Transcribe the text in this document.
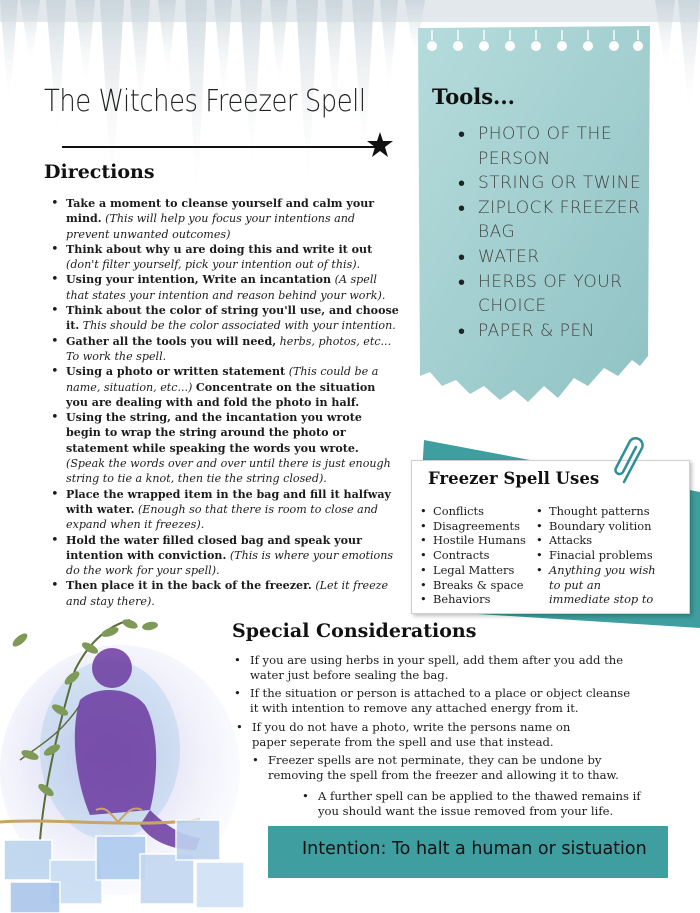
The Witches Freezer Spell
Directions
• Take a moment to cleanse yourself and calm your mind. (This will help you focus your intentions and prevent unwanted outcomes)
• Think about why u are doing this and write it out (don't filter yourself, pick your intention out of this).
• Using your intention, Write an incantation (A spell that states your intention and reason behind your work).
• Think about the color of string you'll use, and choose it. This should be the color associated with your intention.
• Gather all the tools you will need, herbs, photos, etc... To work the spell.
• Using a photo or written statement (This could be a name, situation, etc...) Concentrate on the situation you are dealing with and fold the photo in half.
• Using the string, and the incantation you wrote begin to wrap the string around the photo or statement while speaking the words you wrote. (Speak the words over and over until there is just enough string to tie a knot, then tie the string closed).
• Place the wrapped item in the bag and fill it halfway with water. (Enough so that there is room to close and expand when it freezes).
• Hold the water filled closed bag and speak your intention with conviction. (This is where your emotions do the work for your spell).
• Then place it in the back of the freezer. (Let it freeze and stay there).
Tools...
• PHOTO OF THE PERSON
• STRING OR TWINE
• ZIPLOCK FREEZER BAG
• WATER
• HERBS OF YOUR CHOICE
• PAPER & PEN
Freezer Spell Uses
• Conflicts
• Disagreements
• Hostile Humans
• Contracts
• Legal Matters
• Breaks & space
• Behaviors
• Thought patterns
• Boundary volition
• Attacks
• Finacial problems
• Anything you wish to put an immediate stop to
Special Considerations
• If you are using herbs in your spell, add them after you add the water just before sealing the bag.
• If the situation or person is attached to a place or object cleanse it with intention to remove any attached energy from it.
• If you do not have a photo, write the persons name on paper seperate from the spell and use that instead.
• Freezer spells are not perminate, they can be undone by removing the spell from the freezer and allowing it to thaw.
• A further spell can be applied to the thawed remains if you should want the issue removed from your life.
Intention: To halt a human or sistuation
